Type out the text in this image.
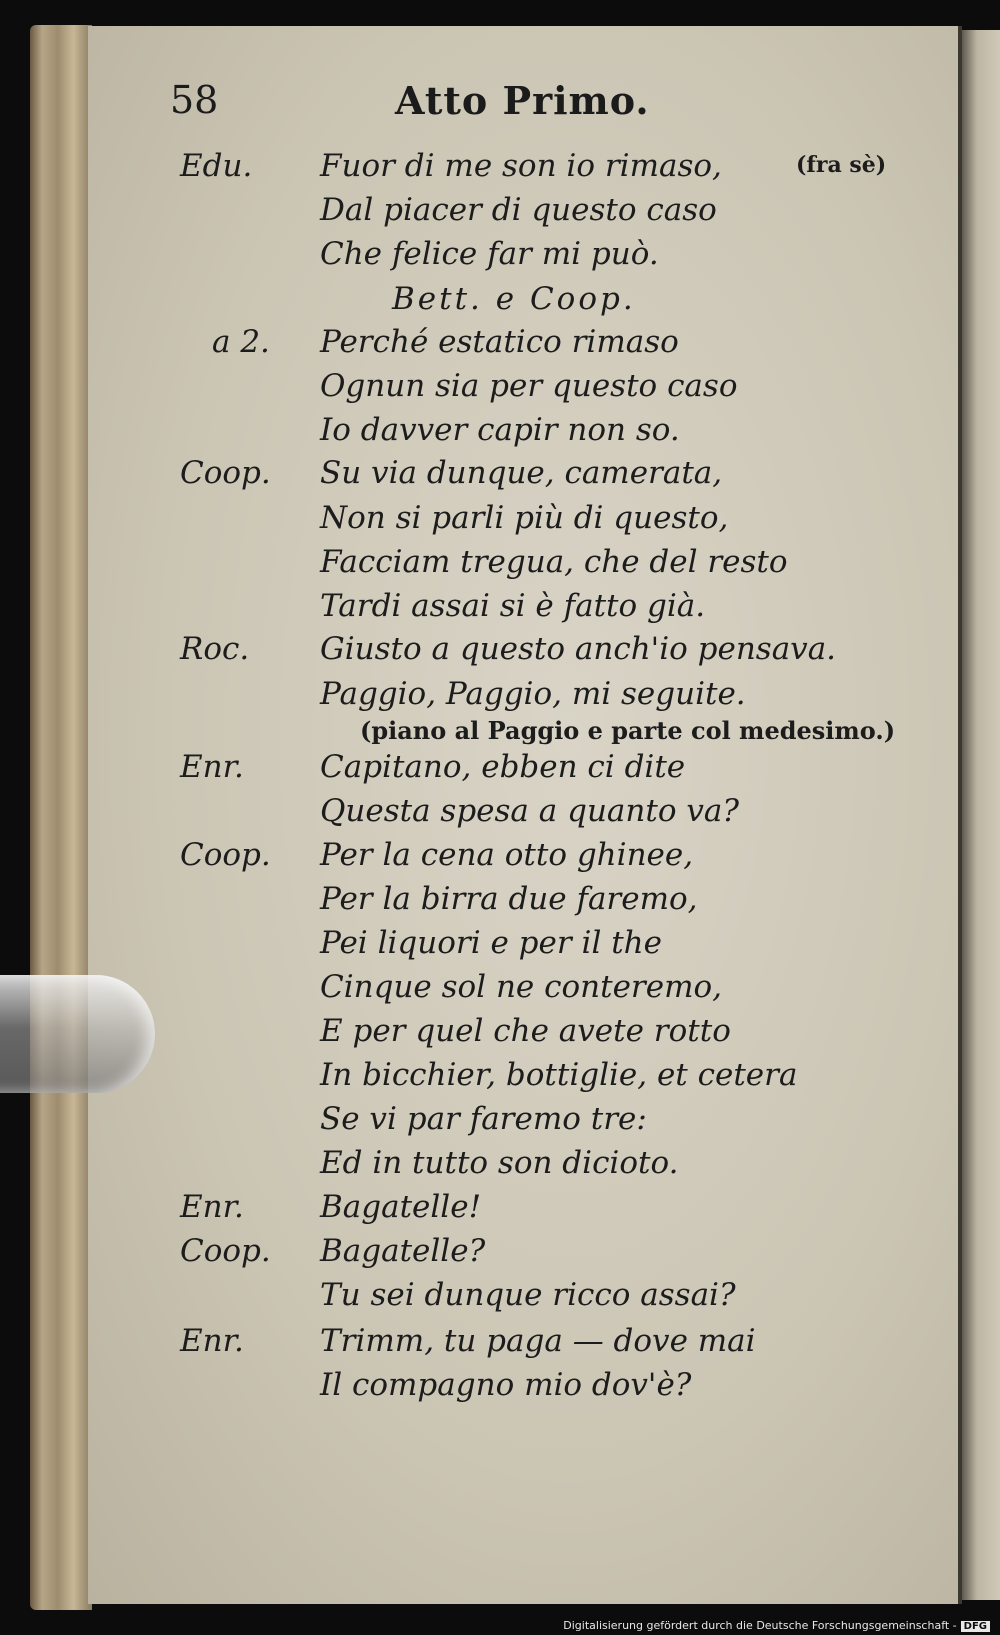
58	Atto Primo.
Edu. Fuor di me son io rimaso,	(fra sè)
Dal piacer di questo caso
Che felice far mi può.
Bett. e Coop.
a 2. Perché estatico rimaso
Ognun sia per questo caso
Io davver capir non so.
Coop. Su via dunque, camerata,
Non si parli più di questo,
Facciam tregua, che del resto
Tardi assai si è fatto già.
Roc. Giusto a questo anch'io pensava.
Paggio, Paggio, mi seguite.
(piano al Paggio e parte col medesimo.)
Enr. Capitano, ebben ci dite
Questa spesa a quanto va?
Coop. Per la cena otto ghinee,
Per la birra due faremo,
Pei liquori e per il the
Cinque sol ne conteremo,
E per quel che avete rotto
In bicchier, bottiglie, et cetera
Se vi par faremo tre:
Ed in tutto son dicioto.
Enr. Bagatelle!
Coop. Bagatelle?
Tu sei dunque ricco assai?
Enr. Trimm, tu paga — dove mai
Il compagno mio dov'è?
Digitalisierung gefördert durch die Deutsche Forschungsgemeinschaft - DFG
